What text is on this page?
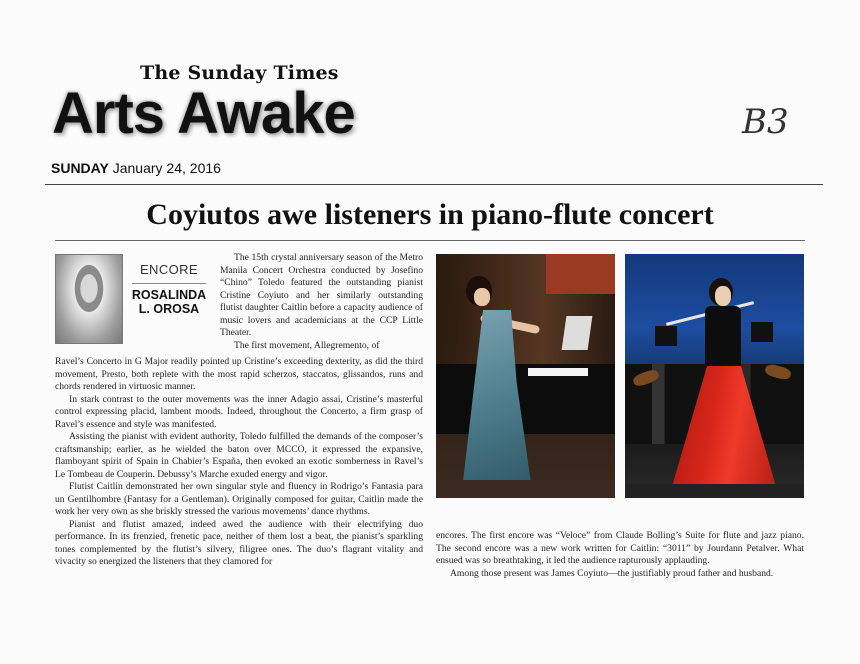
The Sunday Times
Arts Awake	B3
SUNDAY January 24, 2016
Coyiutos awe listeners in piano-flute concert
ENCORE
ROSALINDA
L. OROSA

The 15th crystal anniversary season of the Metro Manila Concert Orchestra conducted by Josefino “Chino” Toledo featured the outstanding pianist Cristine Coyiuto and her similarly outstanding flutist daughter Caitlin before a capacity audience of music lovers and academicians at the CCP Little Theater.

The first movement, Allegremento, of

Ravel’s Concerto in G Major readily pointed up Cristine’s exceeding dexterity, as did the third movement, Presto, both replete with the most rapid scherzos, staccatos, glissandos, runs and chords rendered in virtuosic manner.

In stark contrast to the outer movements was the inner Adagio assai, Cristine’s masterful control expressing placid, lambent moods. Indeed, throughout the Concerto, a firm grasp of Ravel’s essence and style was manifested.

Assisting the pianist with evident authority, Toledo fulfilled the demands of the composer’s craftsmanship; earlier, as he wielded the baton over MCCO, it expressed the expansive, flamboyant spirit of Spain in Chabier’s España, then evoked an exotic somberness in Ravel’s Le Tombeau de Couperin. Debussy’s Marche exuded energy and vigor.

Flutist Caitlin demonstrated her own singular style and fluency in Rodrigo’s Fantasia para un Gentilhombre (Fantasy for a Gentleman). Originally composed for guitar, Caitlin made the work her very own as she briskly stressed the various movements’ dance rhythms.

Pianist and flutist amazed, indeed awed the audience with their electrifying duo performance. In its frenzied, frenetic pace, neither of them lost a beat, the pianist’s sparkling tones complemented by the flutist’s silvery, filigree ones. The duo’s flagrant vitality and vivacity so energized the listeners that they clamored for

encores. The first encore was “Veloce” from Claude Bolling’s Suite for flute and jazz piano. The second encore was a new work written for Caitlin: “3011” by Jourdann Petalver. What ensued was so breathtaking, it led the audience rapturously applauding.

Among those present was James Coyiuto—the justifiably proud father and husband.
